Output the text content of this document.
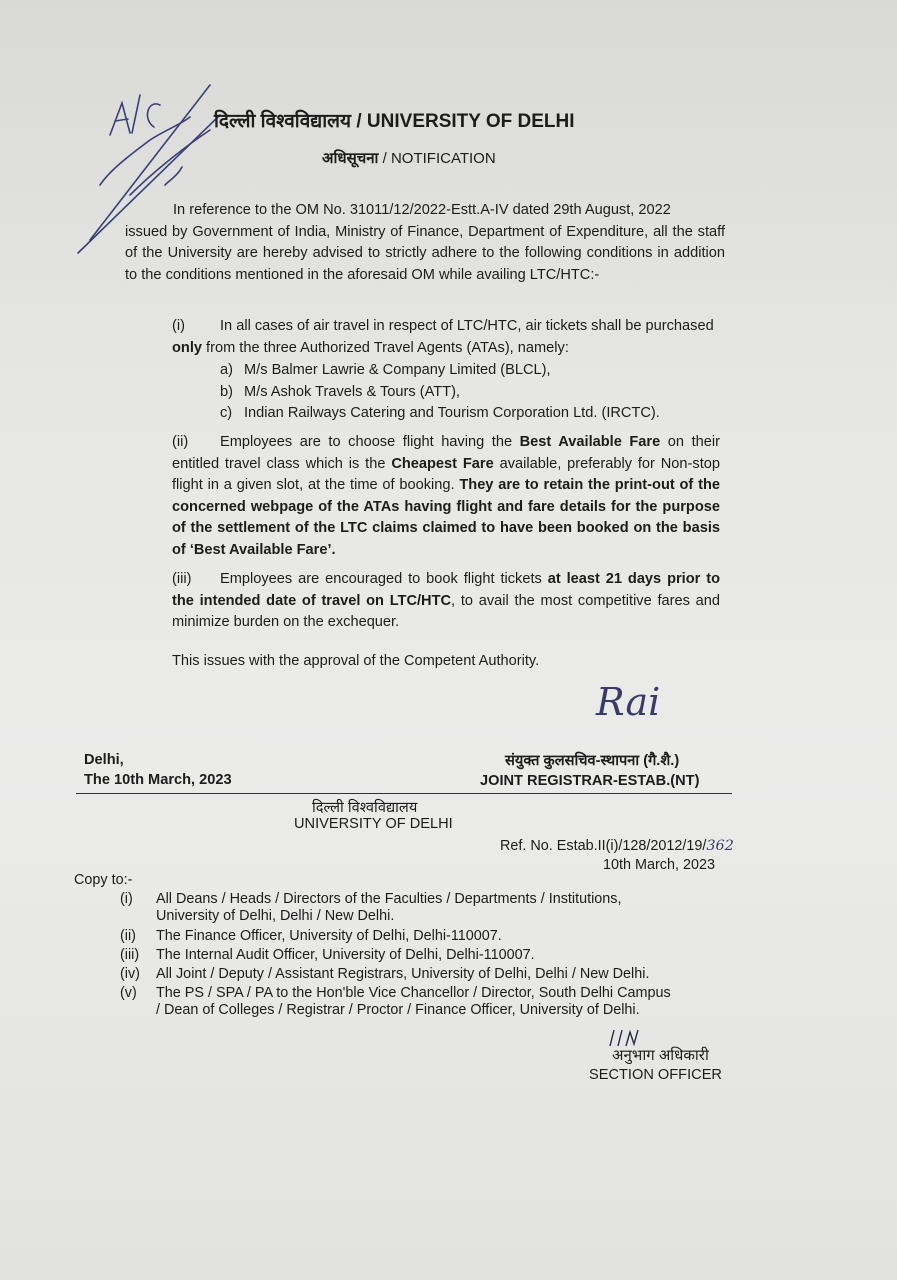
दिल्ली विश्वविद्यालय / UNIVERSITY OF DELHI
अधिसूचना / NOTIFICATION
In reference to the OM No. 31011/12/2022-Estt.A-IV dated 29th August, 2022
issued by Government of India, Ministry of Finance, Department of Expenditure, all the staff of the University are hereby advised to strictly adhere to the following conditions in addition to the conditions mentioned in the aforesaid OM while availing LTC/HTC:-
(i) In all cases of air travel in respect of LTC/HTC, air tickets shall be purchased only from the three Authorized Travel Agents (ATAs), namely:
a) M/s Balmer Lawrie & Company Limited (BLCL),
b) M/s Ashok Travels & Tours (ATT),
c) Indian Railways Catering and Tourism Corporation Ltd. (IRCTC).
(ii) Employees are to choose flight having the Best Available Fare on their entitled travel class which is the Cheapest Fare available, preferably for Non-stop flight in a given slot, at the time of booking. They are to retain the print-out of the concerned webpage of the ATAs having flight and fare details for the purpose of the settlement of the LTC claims claimed to have been booked on the basis of ‘Best Available Fare’.
(iii) Employees are encouraged to book flight tickets at least 21 days prior to the intended date of travel on LTC/HTC, to avail the most competitive fares and minimize burden on the exchequer.
This issues with the approval of the Competent Authority.
Rai
Delhi,
The 10th March, 2023
संयुक्त कुलसचिव-स्थापना (गै.शै.)
JOINT REGISTRAR-ESTAB.(NT)
दिल्ली विश्वविद्यालय
UNIVERSITY OF DELHI
Ref. No. Estab.II(i)/128/2012/19/362
10th March, 2023
Copy to:-
(i) All Deans / Heads / Directors of the Faculties / Departments / Institutions,
University of Delhi, Delhi / New Delhi.
(ii) The Finance Officer, University of Delhi, Delhi-110007.
(iii) The Internal Audit Officer, University of Delhi, Delhi-110007.
(iv) All Joint / Deputy / Assistant Registrars, University of Delhi, Delhi / New Delhi.
(v) The PS / SPA / PA to the Hon'ble Vice Chancellor / Director, South Delhi Campus
/ Dean of Colleges / Registrar / Proctor / Finance Officer, University of Delhi.
अनुभाग अधिकारी
SECTION OFFICER
